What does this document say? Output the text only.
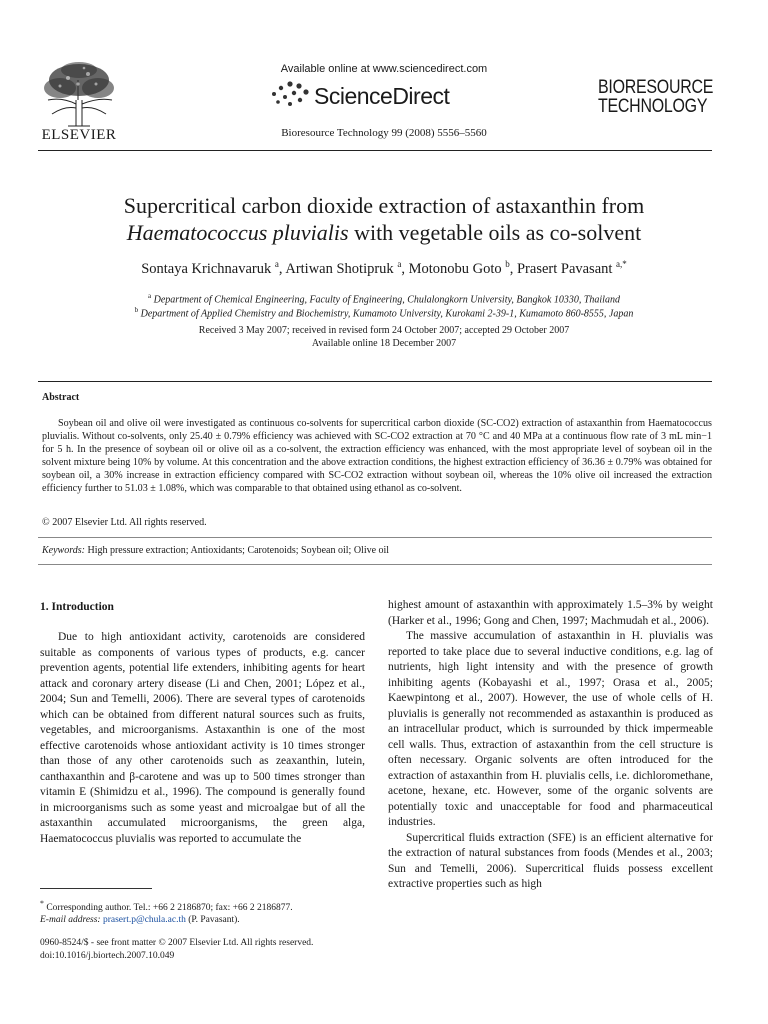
ELSEVIER
Available online at www.sciencedirect.com
ScienceDirect
Bioresource Technology 99 (2008) 5556–5560
BIORESOURCE
TECHNOLOGY
Supercritical carbon dioxide extraction of astaxanthin from
Haematococcus pluvialis with vegetable oils as co-solvent
Sontaya Krichnavaruk $^a$, Artiwan Shotipruk $^a$, Motonobu Goto $^b$, Prasert Pavasant $^{a,*}$
$^a$ Department of Chemical Engineering, Faculty of Engineering, Chulalongkorn University, Bangkok 10330, Thailand
$^b$ Department of Applied Chemistry and Biochemistry, Kumamoto University, Kurokami 2-39-1, Kumamoto 860-8555, Japan
Received 3 May 2007; received in revised form 24 October 2007; accepted 29 October 2007
Available online 18 December 2007
Abstract
Soybean oil and olive oil were investigated as continuous co-solvents for supercritical carbon dioxide (SC-CO2) extraction of astaxanthin from Haematococcus pluvialis. Without co-solvents, only 25.40 ± 0.79% efficiency was achieved with SC-CO2 extraction at 70 °C and 40 MPa at a continuous flow rate of 3 mL min−1 for 5 h. In the presence of soybean oil or olive oil as a co-solvent, the extraction efficiency was enhanced, with the most appropriate level of soybean oil in the solvent mixture being 10% by volume. At this concentration and the above extraction conditions, the highest extraction efficiency of 36.36 ± 0.79% was obtained for soybean oil, a 30% increase in extraction efficiency compared with SC-CO2 extraction without soybean oil, whereas the 10% olive oil increased the extraction efficiency further to 51.03 ± 1.08%, which was comparable to that obtained using ethanol as co-solvent.
© 2007 Elsevier Ltd. All rights reserved.
Keywords: High pressure extraction; Antioxidants; Carotenoids; Soybean oil; Olive oil
1. Introduction

Due to high antioxidant activity, carotenoids are considered suitable as components of various types of products, e.g. cancer prevention agents, potential life extenders, inhibiting agents for heart attack and coronary artery disease (Li and Chen, 2001; López et al., 2004; Sun and Temelli, 2006). There are several types of carotenoids which can be obtained from different natural sources such as fruits, vegetables, and microorganisms. Astaxanthin is one of the most effective carotenoids whose antioxidant activity is 10 times stronger than those of any other carotenoids such as zeaxanthin, lutein, canthaxanthin and β-carotene and was up to 500 times stronger than vitamin E (Shimidzu et al., 1996). The compound is generally found in microorganisms such as some yeast and microalgae but of all the astaxanthin accumulated microorganisms, the green alga, Haematococcus pluvialis was reported to accumulate the

highest amount of astaxanthin with approximately 1.5–3% by weight (Harker et al., 1996; Gong and Chen, 1997; Machmudah et al., 2006).

The massive accumulation of astaxanthin in H. pluvialis was reported to take place due to several inductive conditions, e.g. lag of nutrients, high light intensity and with the presence of growth inhibiting agents (Kobayashi et al., 1997; Orasa et al., 2005; Kaewpintong et al., 2007). However, the use of whole cells of H. pluvialis is generally not recommended as astaxanthin is produced as an intracellular product, which is surrounded by thick impermeable cell walls. Thus, extraction of astaxanthin from the cell structure is often necessary. Organic solvents are often introduced for the extraction of astaxanthin from H. pluvialis cells, i.e. dichloromethane, acetone, hexane, etc. However, some of the organic solvents are potentially toxic and unacceptable for food and pharmaceutical industries.

Supercritical fluids extraction (SFE) is an efficient alternative for the extraction of natural substances from foods (Mendes et al., 2003; Sun and Temelli, 2006). Supercritical fluids possess excellent extractive properties such as high

* Corresponding author. Tel.: +66 2 2186870; fax: +66 2 2186877.
E-mail address: prasert.p@chula.ac.th (P. Pavasant).
0960-8524/$ - see front matter © 2007 Elsevier Ltd. All rights reserved.
doi:10.1016/j.biortech.2007.10.049
